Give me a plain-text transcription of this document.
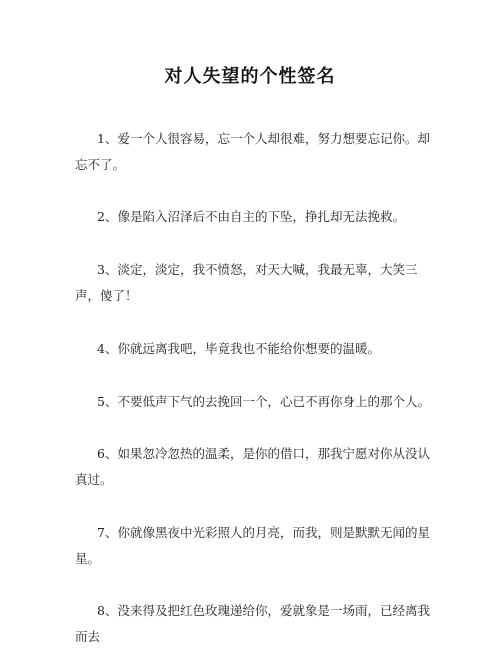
对人失望的个性签名
1、爱一个人很容易，忘一个人却很难，努力想要忘记你。却忘不了。
2、像是陷入沼泽后不由自主的下坠，挣扎却无法挽救。
3、淡定，淡定，我不愤怒，对天大喊，我最无辜，大笑三声，傻了！
4、你就远离我吧，毕竟我也不能给你想要的温暖。
5、不要低声下气的去挽回一个，心已不再你身上的那个人。
6、如果忽冷忽热的温柔，是你的借口，那我宁愿对你从没认真过。
7、你就像黑夜中光彩照人的月亮，而我，则是默默无闻的星星。
8、没来得及把红色玫瑰递给你，爱就象是一场雨，已经离我而去
